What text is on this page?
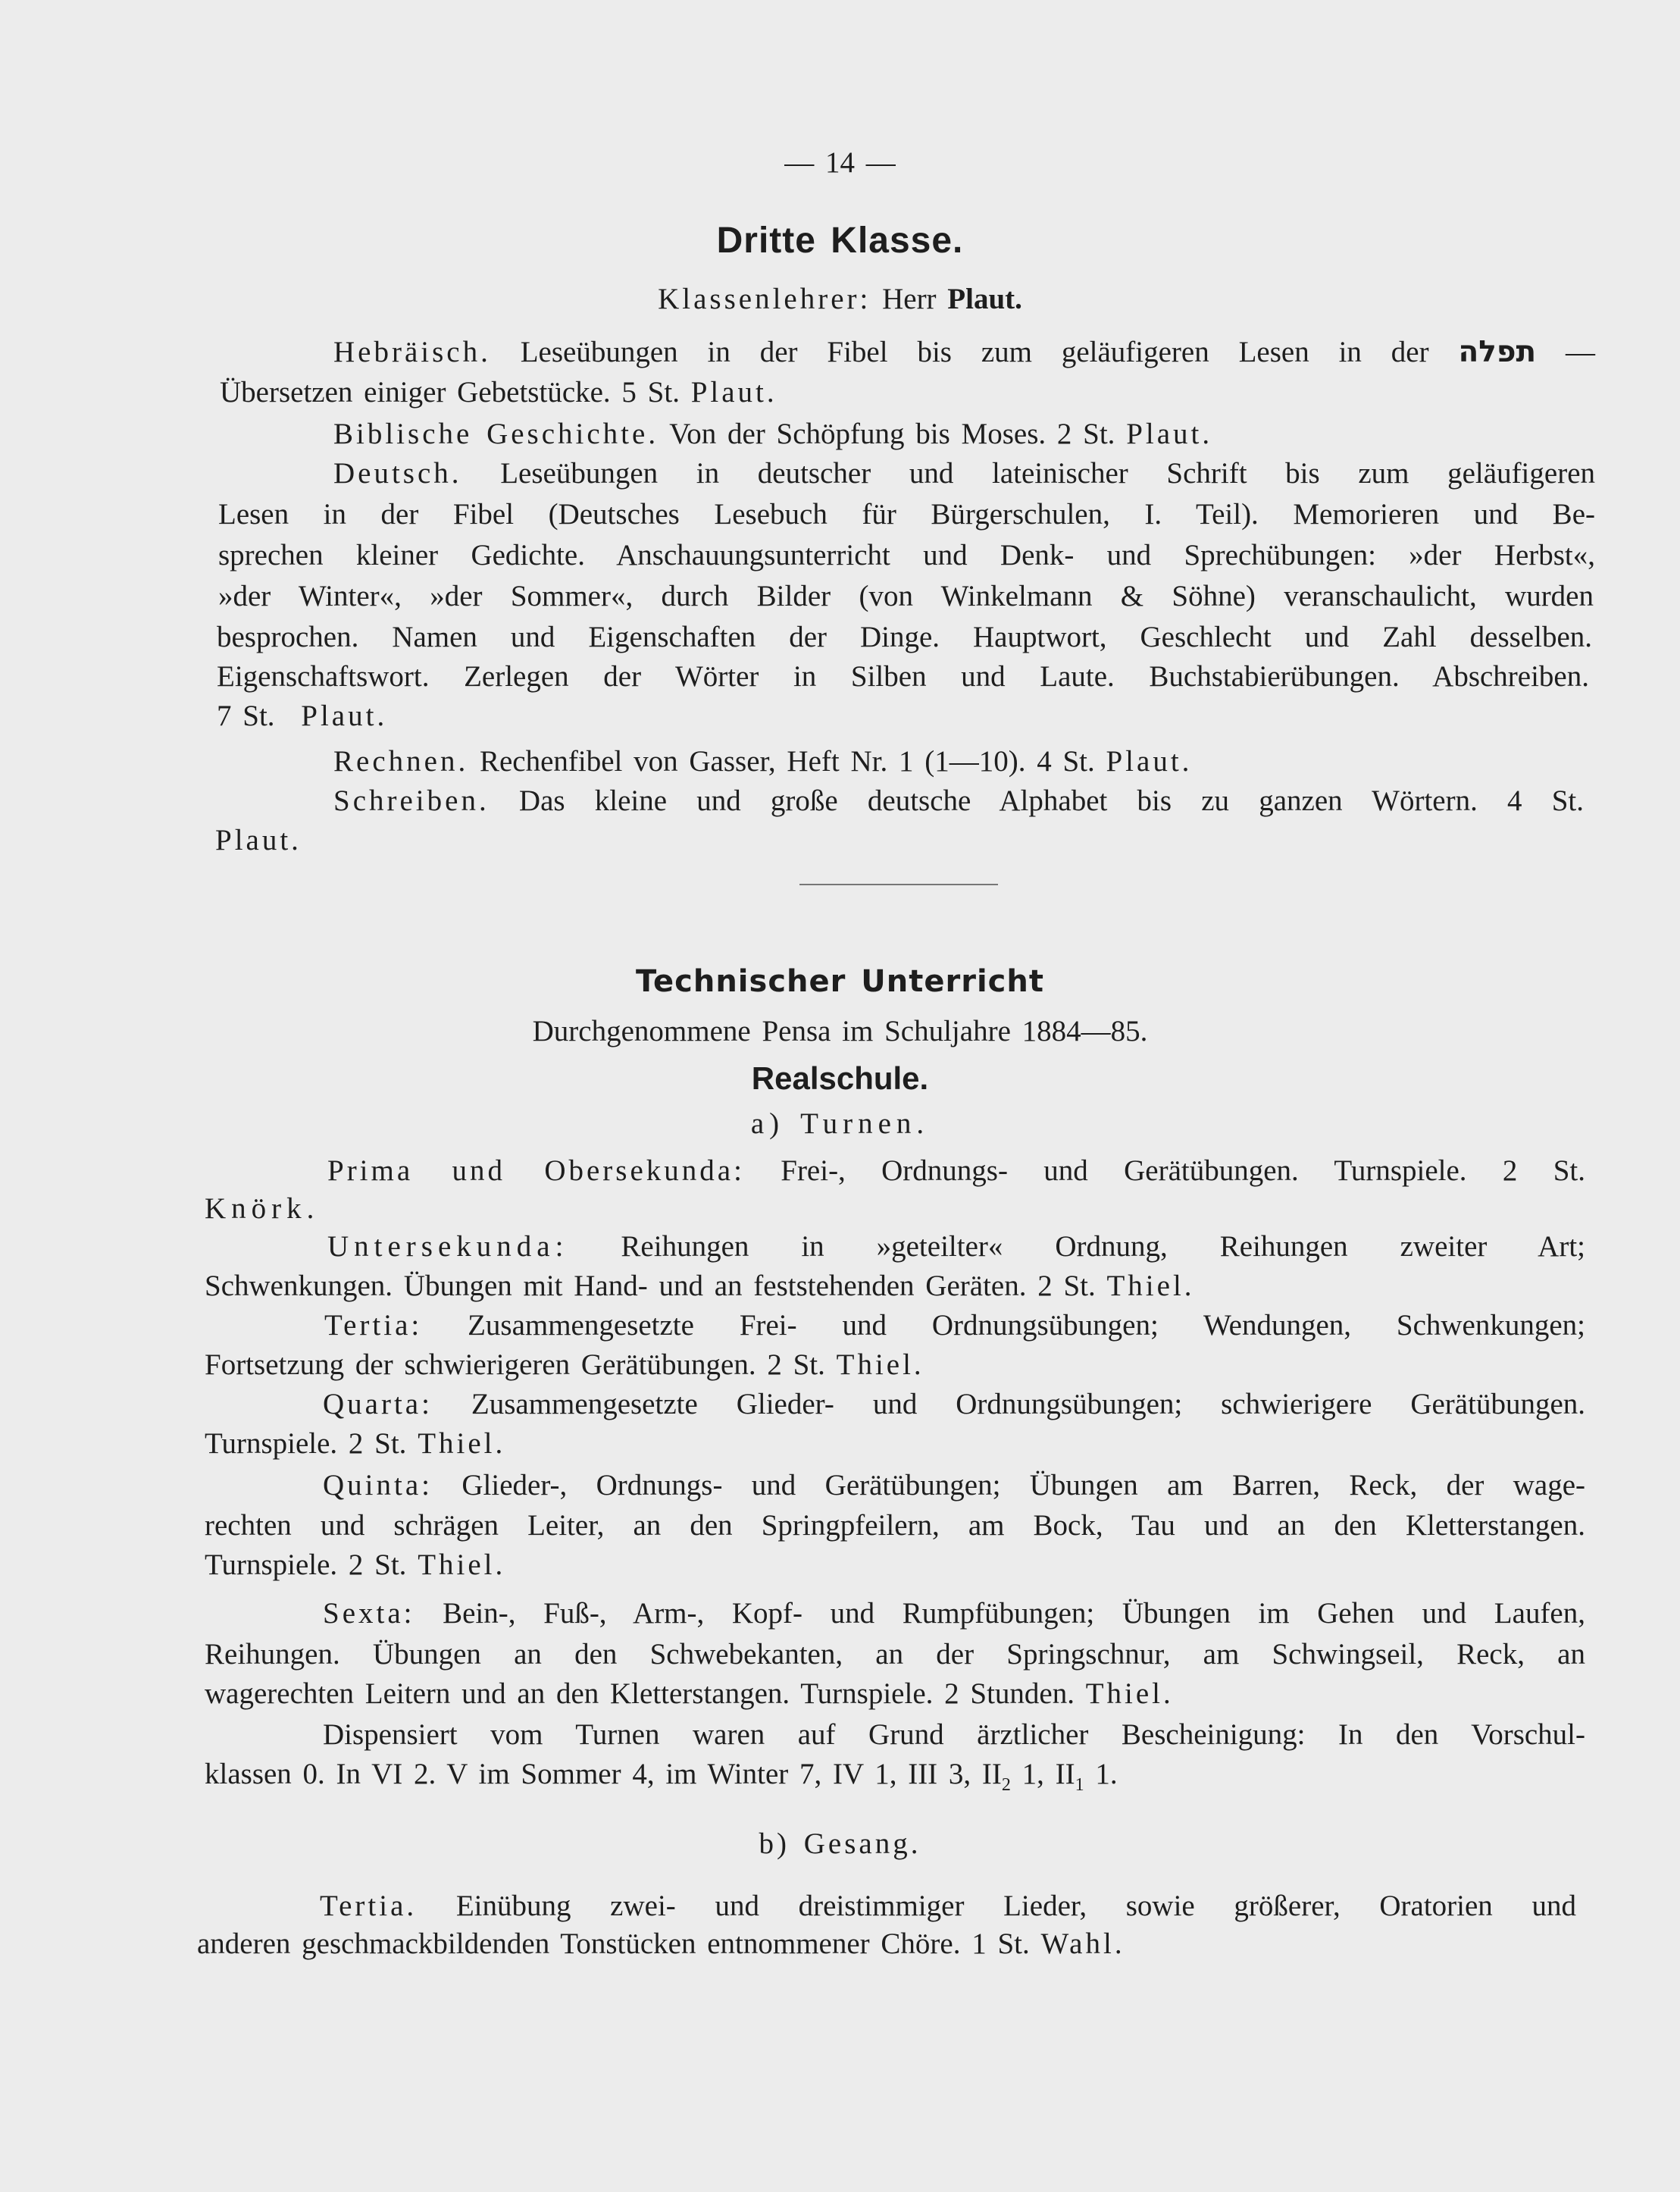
— 14 —
Dritte Klasse.
Klassenlehrer: Herr Plaut.
Hebräisch. Leseübungen in der Fibel bis zum geläufigeren Lesen in der תפלה —
Übersetzen einiger Gebetstücke. 5 St. Plaut.
Biblische Geschichte. Von der Schöpfung bis Moses. 2 St. Plaut.
Deutsch. Leseübungen in deutscher und lateinischer Schrift bis zum geläufigeren
Lesen in der Fibel (Deutsches Lesebuch für Bürgerschulen, I. Teil). Memorieren und Be-
sprechen kleiner Gedichte. Anschauungsunterricht und Denk- und Sprechübungen: »der Herbst«,
»der Winter«, »der Sommer«, durch Bilder (von Winkelmann & Söhne) veranschaulicht, wurden
besprochen. Namen und Eigenschaften der Dinge. Hauptwort, Geschlecht und Zahl desselben.
Eigenschaftswort. Zerlegen der Wörter in Silben und Laute. Buchstabierübungen. Abschreiben.
7 St. Plaut.
Rechnen. Rechenfibel von Gasser, Heft Nr. 1 (1—10). 4 St. Plaut.
Schreiben. Das kleine und große deutsche Alphabet bis zu ganzen Wörtern. 4 St.
Plaut.
Technischer Unterricht
Durchgenommene Pensa im Schuljahre 1884—85.
Realschule.
a) Turnen.
Prima und Obersekunda: Frei-, Ordnungs- und Gerätübungen. Turnspiele. 2 St.
Knörk.
Untersekunda: Reihungen in »geteilter« Ordnung, Reihungen zweiter Art;
Schwenkungen. Übungen mit Hand- und an feststehenden Geräten. 2 St. Thiel.
Tertia: Zusammengesetzte Frei- und Ordnungsübungen; Wendungen, Schwenkungen;
Fortsetzung der schwierigeren Gerätübungen. 2 St. Thiel.
Quarta: Zusammengesetzte Glieder- und Ordnungsübungen; schwierigere Gerätübungen.
Turnspiele. 2 St. Thiel.
Quinta: Glieder-, Ordnungs- und Gerätübungen; Übungen am Barren, Reck, der wage-
rechten und schrägen Leiter, an den Springpfeilern, am Bock, Tau und an den Kletterstangen.
Turnspiele. 2 St. Thiel.
Sexta: Bein-, Fuß-, Arm-, Kopf- und Rumpfübungen; Übungen im Gehen und Laufen,
Reihungen. Übungen an den Schwebekanten, an der Springschnur, am Schwingseil, Reck, an
wagerechten Leitern und an den Kletterstangen. Turnspiele. 2 Stunden. Thiel.
Dispensiert vom Turnen waren auf Grund ärztlicher Bescheinigung: In den Vorschul-
klassen 0. In VI 2. V im Sommer 4, im Winter 7, IV 1, III 3, $II_2$ 1, $II_1$ 1.
b) Gesang.
Tertia. Einübung zwei- und dreistimmiger Lieder, sowie größerer, Oratorien und
anderen geschmackbildenden Tonstücken entnommener Chöre. 1 St. Wahl.
